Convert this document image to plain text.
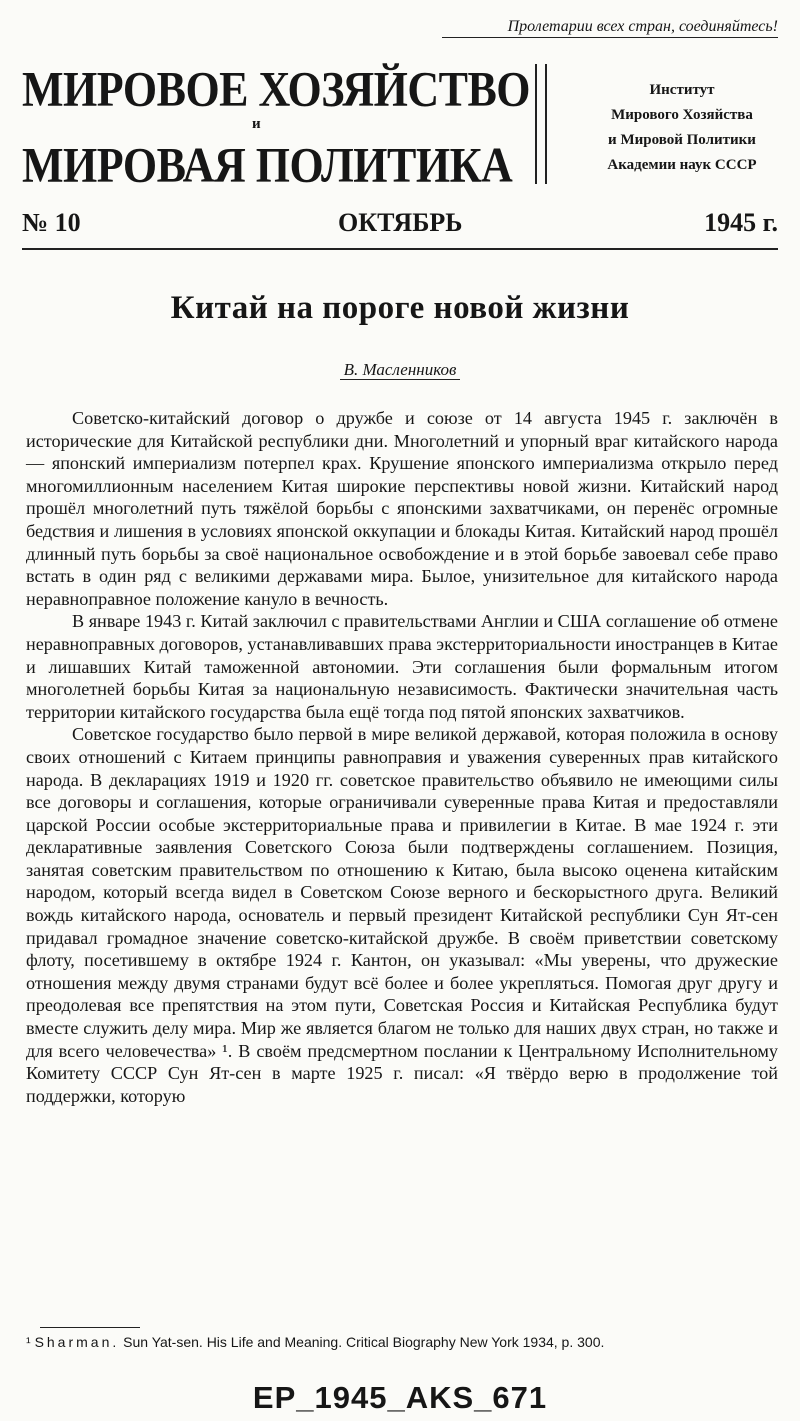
Пролетарии всех стран, соединяйтесь!
МИРОВОЕ ХОЗЯЙСТВО
и
МИРОВАЯ ПОЛИТИКА
Институт
Мирового Хозяйства
и Мировой Политики
Академии наук СССР
№ 10	ОКТЯБРЬ	1945 г.
Китай на пороге новой жизни
В. Масленников

Советско-китайский договор о дружбе и союзе от 14 августа 1945 г. заключён в исторические для Китайской республики дни. Многолетний и упорный враг китайского народа — японский империализм потерпел крах. Крушение японского империализма открыло перед многомиллионным населением Китая широкие перспективы новой жизни. Китайский народ прошёл многолетний путь тяжёлой борьбы с японскими захватчиками, он перенёс огромные бедствия и лишения в условиях японской оккупации и блокады Китая. Китайский народ прошёл длинный путь борьбы за своё национальное освобождение и в этой борьбе завоевал себе право встать в один ряд с великими державами мира. Былое, унизительное для китайского народа неравноправное положение кануло в вечность.

В январе 1943 г. Китай заключил с правительствами Англии и США соглашение об отмене неравноправных договоров, устанавливавших права экстерриториальности иностранцев в Китае и лишавших Китай таможенной автономии. Эти соглашения были формальным итогом многолетней борьбы Китая за национальную независимость. Фактически значительная часть территории китайского государства была ещё тогда под пятой японских захватчиков.

Советское государство было первой в мире великой державой, которая положила в основу своих отношений с Китаем принципы равноправия и уважения суверенных прав китайского народа. В декларациях 1919 и 1920 гг. советское правительство объявило не имеющими силы все договоры и соглашения, которые ограничивали суверенные права Китая и предоставляли царской России особые экстерриториальные права и привилегии в Китае. В мае 1924 г. эти декларативные заявления Советского Союза были подтверждены соглашением. Позиция, занятая советским правительством по отношению к Китаю, была высоко оценена китайским народом, который всегда видел в Советском Союзе верного и бескорыстного друга. Великий вождь китайского народа, основатель и первый президент Китайской республики Сун Ят-сен придавал громадное значение советско-китайской дружбе. В своём приветствии советскому флоту, посетившему в октябре 1924 г. Кантон, он указывал: «Мы уверены, что дружеские отношения между двумя странами будут всё более и более укрепляться. Помогая друг другу и преодолевая все препятствия на этом пути, Советская Россия и Китайская Республика будут вместе служить делу мира. Мир же является благом не только для наших двух стран, но также и для всего человечества» ¹. В своём предсмертном послании к Центральному Исполнительному Комитету СССР Сун Ят-сен в марте 1925 г. писал: «Я твёрдо верю в продолжение той поддержки, которую

¹ Sharman. Sun Yat-sen. His Life and Meaning. Critical Biography New York 1934, p. 300.
EP_1945_AKS_671
